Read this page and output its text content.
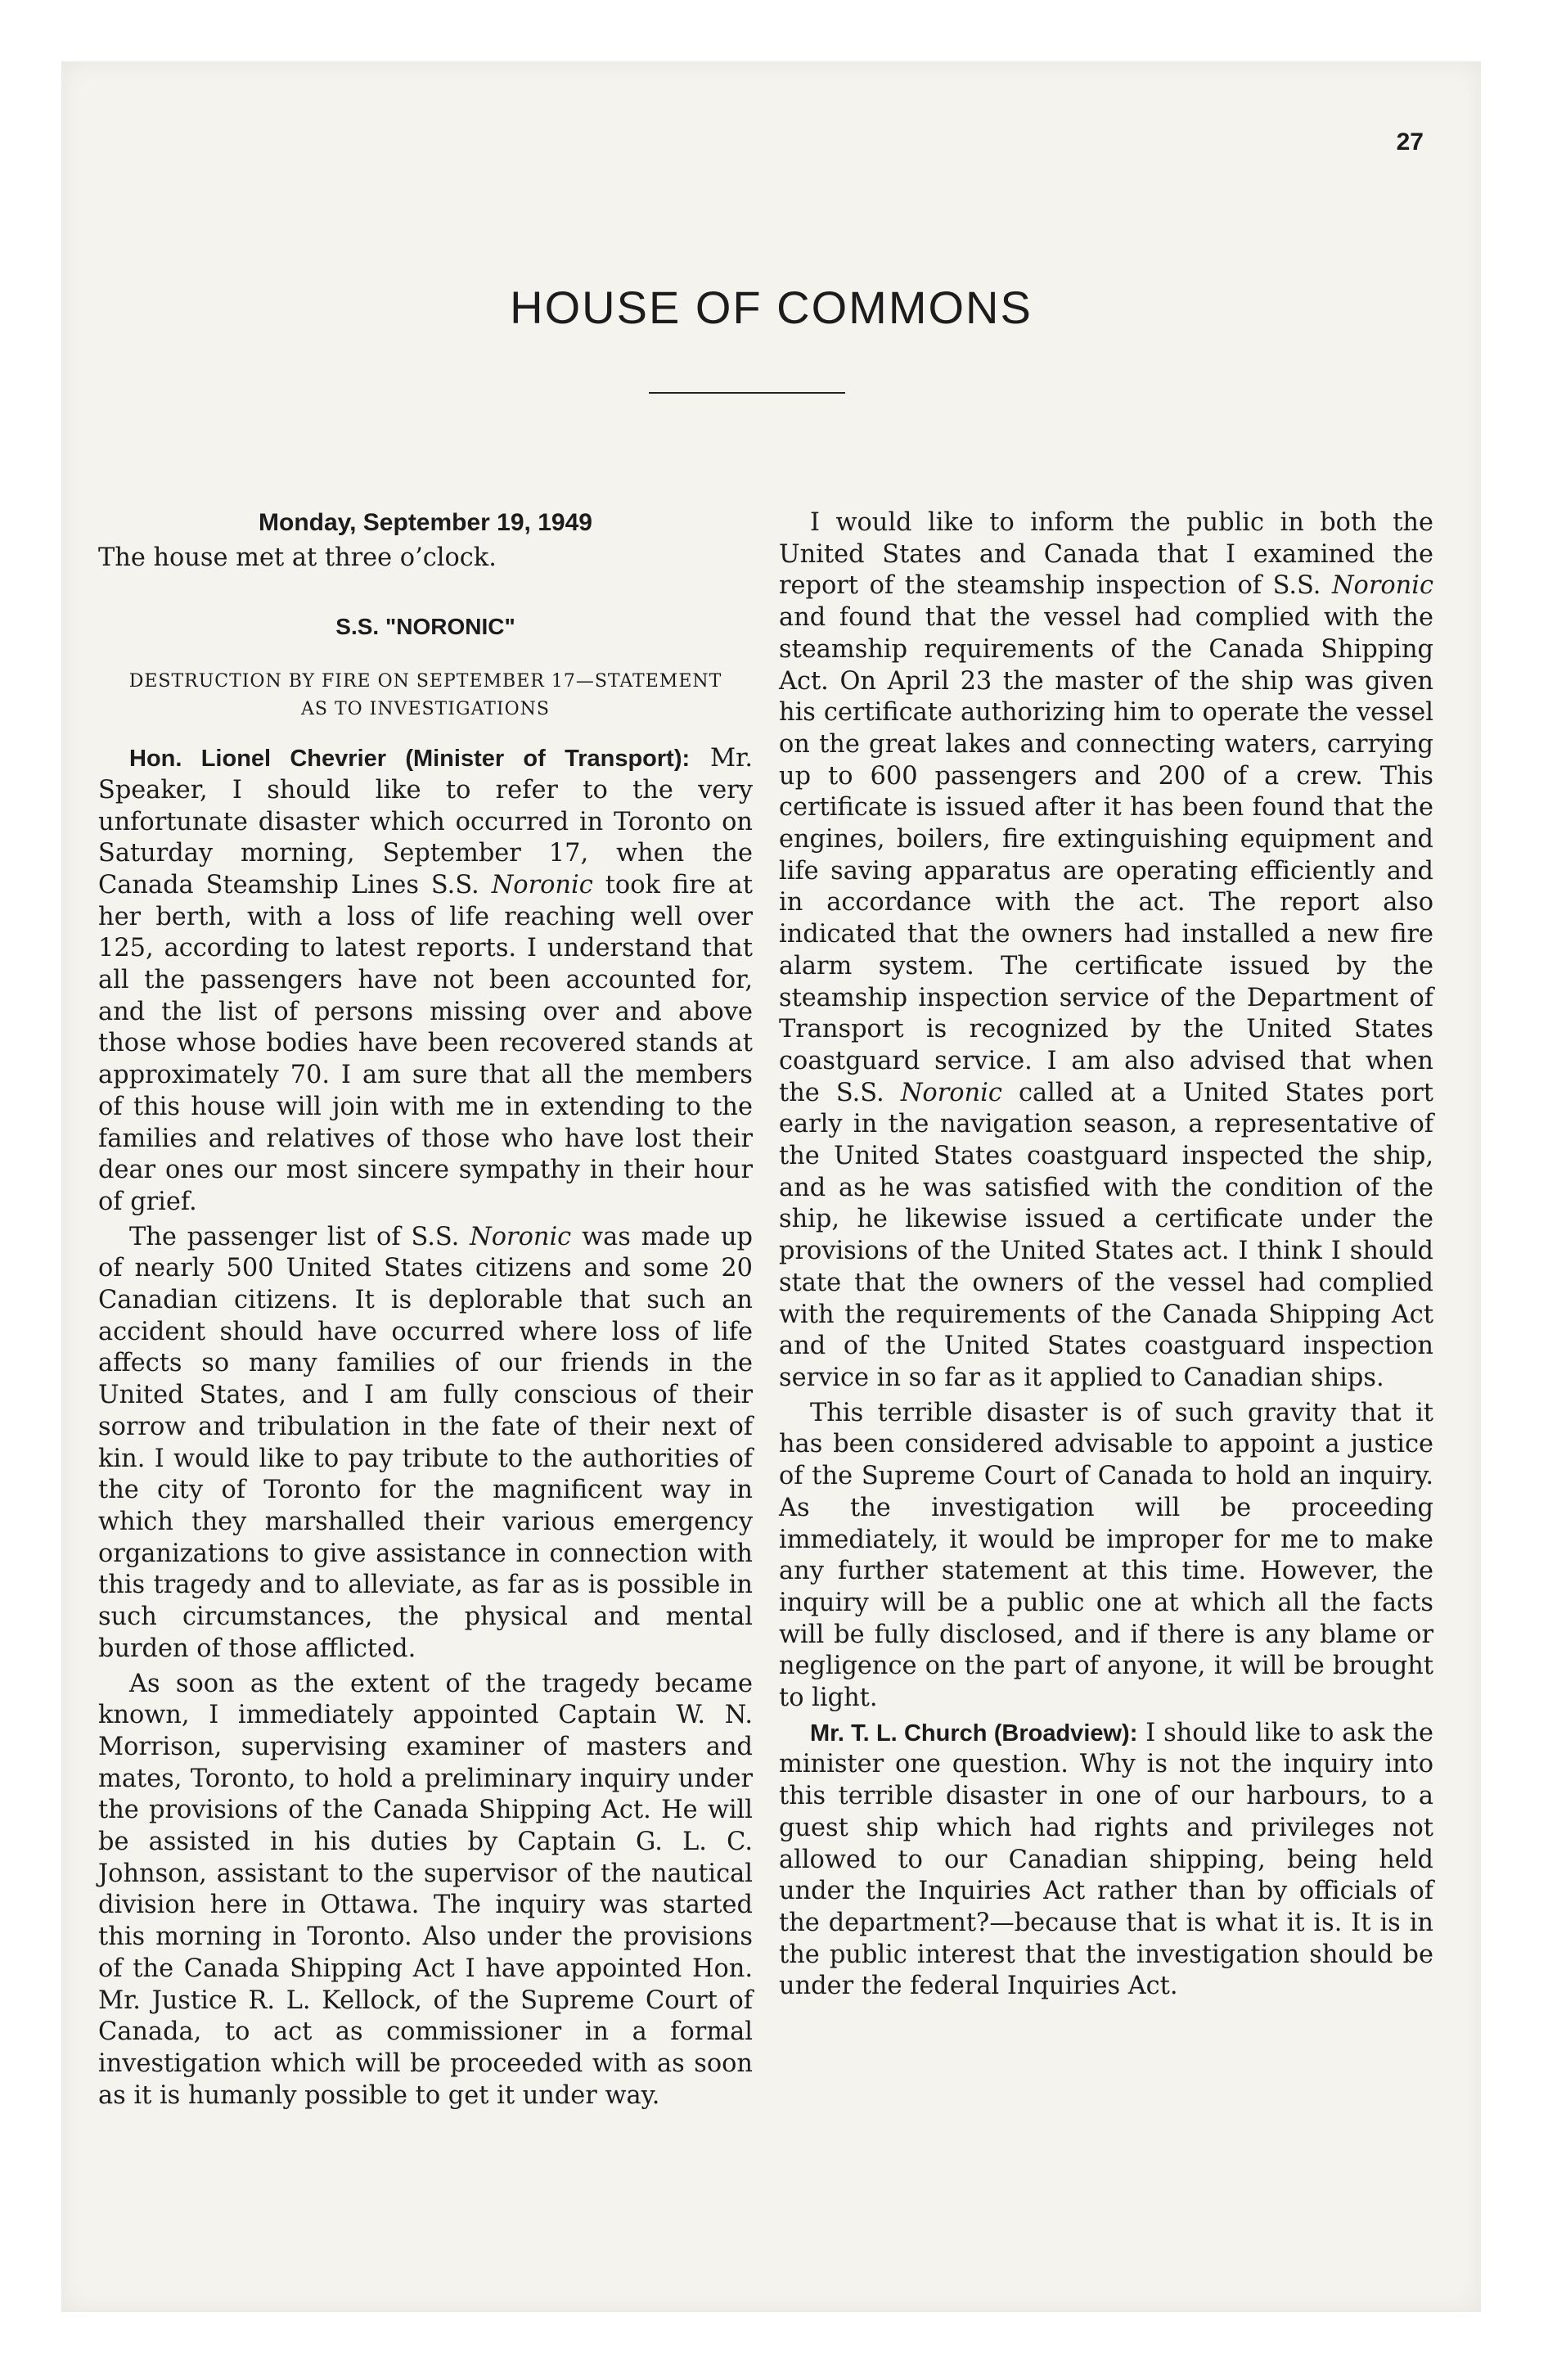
27
HOUSE OF COMMONS
Monday, September 19, 1949

The house met at three o’clock.

S.S. "NORONIC"
DESTRUCTION BY FIRE ON SEPTEMBER 17—STATEMENT AS TO INVESTIGATIONS

Hon. Lionel Chevrier (Minister of Transport): Mr. Speaker, I should like to refer to the very unfortunate disaster which occurred in Toronto on Saturday morning, September 17, when the Canada Steamship Lines S.S. Noronic took fire at her berth, with a loss of life reaching well over 125, according to latest reports. I understand that all the passengers have not been accounted for, and the list of persons missing over and above those whose bodies have been recovered stands at approximately 70. I am sure that all the members of this house will join with me in extending to the families and relatives of those who have lost their dear ones our most sincere sympathy in their hour of grief.

The passenger list of S.S. Noronic was made up of nearly 500 United States citizens and some 20 Canadian citizens. It is deplorable that such an accident should have occurred where loss of life affects so many families of our friends in the United States, and I am fully conscious of their sorrow and tribulation in the fate of their next of kin. I would like to pay tribute to the authorities of the city of Toronto for the magnificent way in which they marshalled their various emergency organizations to give assistance in connection with this tragedy and to alleviate, as far as is possible in such circumstances, the physical and mental burden of those afflicted.

As soon as the extent of the tragedy became known, I immediately appointed Captain W. N. Morrison, supervising examiner of masters and mates, Toronto, to hold a preliminary inquiry under the provisions of the Canada Shipping Act. He will be assisted in his duties by Captain G. L. C. Johnson, assistant to the supervisor of the nautical division here in Ottawa. The inquiry was started this morning in Toronto. Also under the provisions of the Canada Shipping Act I have appointed Hon. Mr. Justice R. L. Kellock, of the Supreme Court of Canada, to act as commissioner in a formal investigation which will be proceeded with as soon as it is humanly possible to get it under way.

I would like to inform the public in both the United States and Canada that I examined the report of the steamship inspection of S.S. Noronic and found that the vessel had complied with the steamship requirements of the Canada Shipping Act. On April 23 the master of the ship was given his certificate authorizing him to operate the vessel on the great lakes and connecting waters, carrying up to 600 passengers and 200 of a crew. This certificate is issued after it has been found that the engines, boilers, fire extinguishing equipment and life saving apparatus are operating efficiently and in accordance with the act. The report also indicated that the owners had installed a new fire alarm system. The certificate issued by the steamship inspection service of the Department of Transport is recognized by the United States coastguard service. I am also advised that when the S.S. Noronic called at a United States port early in the navigation season, a representative of the United States coastguard inspected the ship, and as he was satisfied with the condition of the ship, he likewise issued a certificate under the provisions of the United States act. I think I should state that the owners of the vessel had complied with the requirements of the Canada Shipping Act and of the United States coastguard inspection service in so far as it applied to Canadian ships.

This terrible disaster is of such gravity that it has been considered advisable to appoint a justice of the Supreme Court of Canada to hold an inquiry. As the investigation will be proceeding immediately, it would be improper for me to make any further statement at this time. However, the inquiry will be a public one at which all the facts will be fully disclosed, and if there is any blame or negligence on the part of anyone, it will be brought to light.

Mr. T. L. Church (Broadview): I should like to ask the minister one question. Why is not the inquiry into this terrible disaster in one of our harbours, to a guest ship which had rights and privileges not allowed to our Canadian shipping, being held under the Inquiries Act rather than by officials of the department?—because that is what it is. It is in the public interest that the investigation should be under the federal Inquiries Act.
